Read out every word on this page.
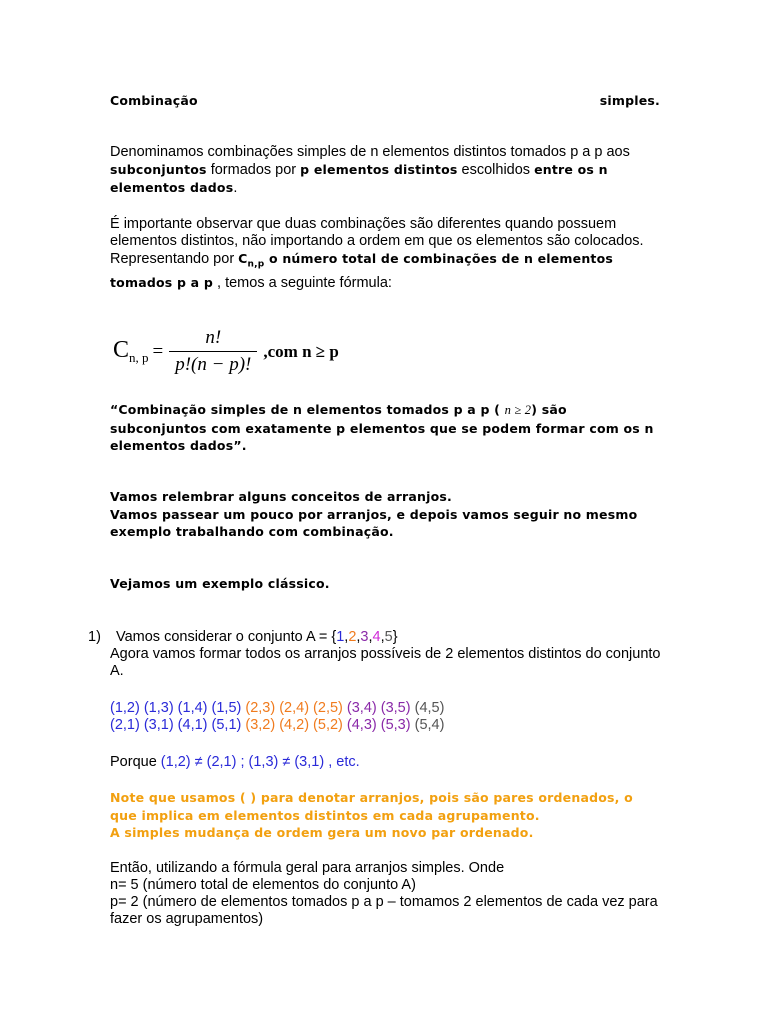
Combinação	simples.
Denominamos combinações simples de n elementos distintos tomados p a p aos subconjuntos formados por p elementos distintos escolhidos entre os n elementos dados.
É importante observar que duas combinações são diferentes quando possuem elementos distintos, não importando a ordem em que os elementos são colocados.
Representando por $C_{n,p}$ o número total de combinações de n elementos tomados p a p , temos a seguinte fórmula:
$C_{n, p} = \frac{n!}{p!(n - p)!} ,com$ n ≥ p
“Combinação simples de n elementos tomados p a p ( n ≥ 2) são subconjuntos com exatamente p elementos que se podem formar com os n elementos dados”.
Vamos relembrar alguns conceitos de arranjos.
Vamos passear um pouco por arranjos, e depois vamos seguir no mesmo exemplo trabalhando com combinação.
Vejamos um exemplo clássico.
1)	Vamos considerar o conjunto A = {1,2,3,4,5}
Agora vamos formar todos os arranjos possíveis de 2 elementos distintos do conjunto A.
(1,2) (1,3) (1,4) (1,5) (2,3) (2,4) (2,5) (3,4) (3,5) (4,5)
(2,1) (3,1) (4,1) (5,1) (3,2) (4,2) (5,2) (4,3) (5,3) (5,4)
Porque (1,2) ≠ (2,1) ; (1,3) ≠ (3,1) , etc.
Note que usamos ( ) para denotar arranjos, pois são pares ordenados, o que implica em elementos distintos em cada agrupamento.
A simples mudança de ordem gera um novo par ordenado.
Então, utilizando a fórmula geral para arranjos simples. Onde
n= 5 (número total de elementos do conjunto A)
p= 2 (número de elementos tomados p a p – tomamos 2 elementos de cada vez para fazer os agrupamentos)
